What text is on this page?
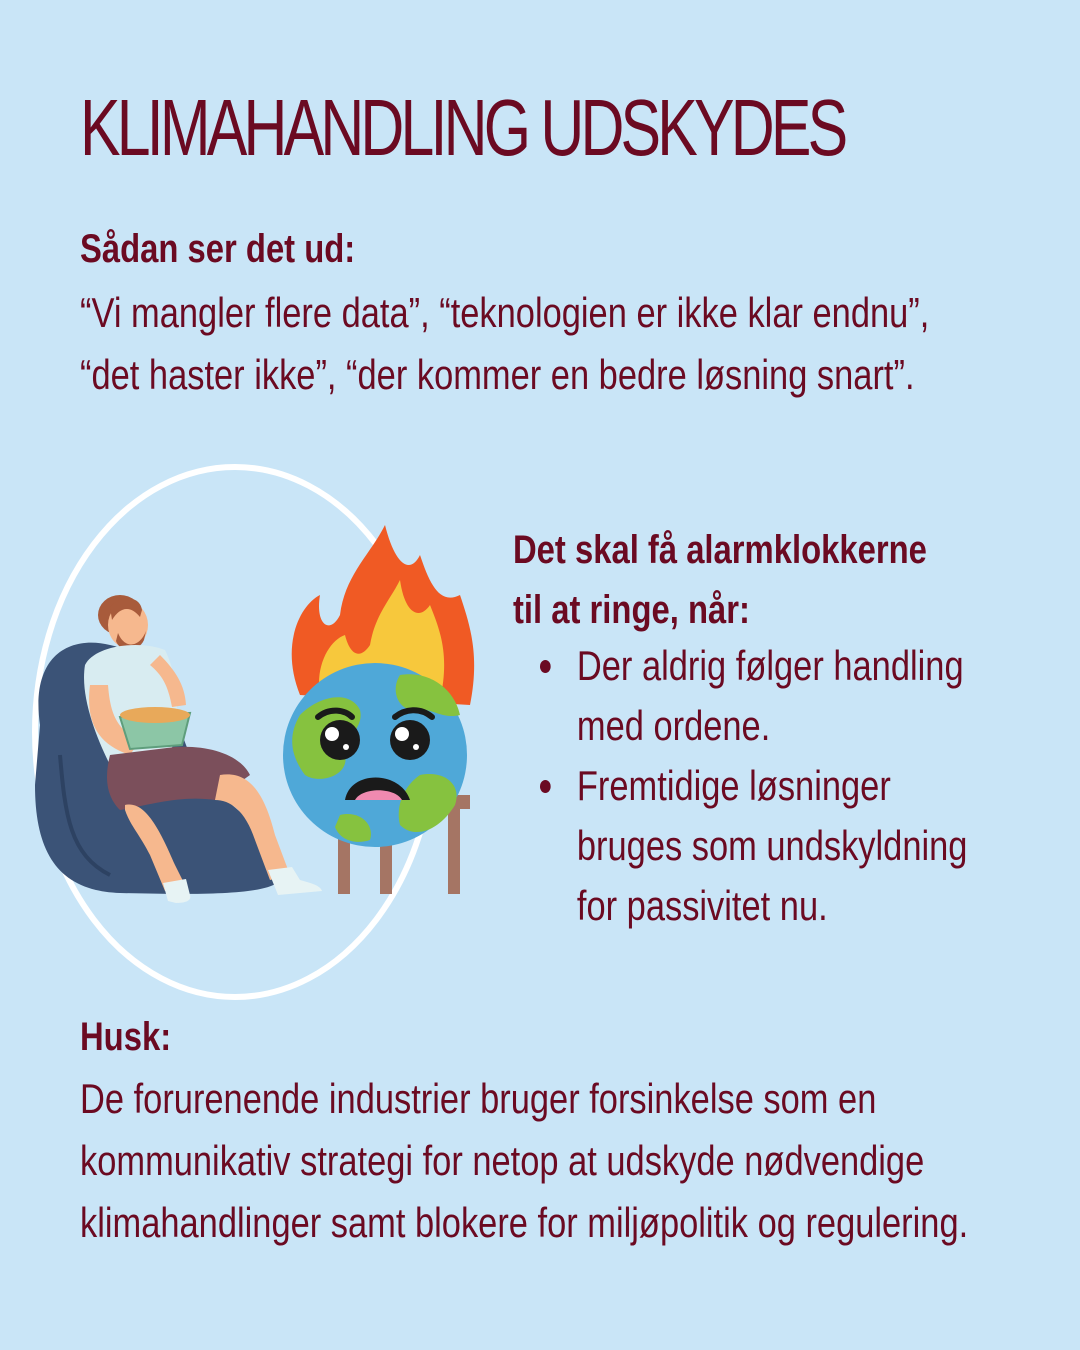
KLIMAHANDLING UDSKYDES
Sådan ser det ud:
“Vi mangler flere data”, “teknologien er ikke klar endnu”,
“det haster ikke”, “der kommer en bedre løsning snart”.
Det skal få alarmklokkerne
til at ringe, når:
Der aldrig følger handling
med ordene.
Fremtidige løsninger
bruges som undskyldning
for passivitet nu.
Husk:
De forurenende industrier bruger forsinkelse som en
kommunikativ strategi for netop at udskyde nødvendige
klimahandlinger samt blokere for miljøpolitik og regulering.
